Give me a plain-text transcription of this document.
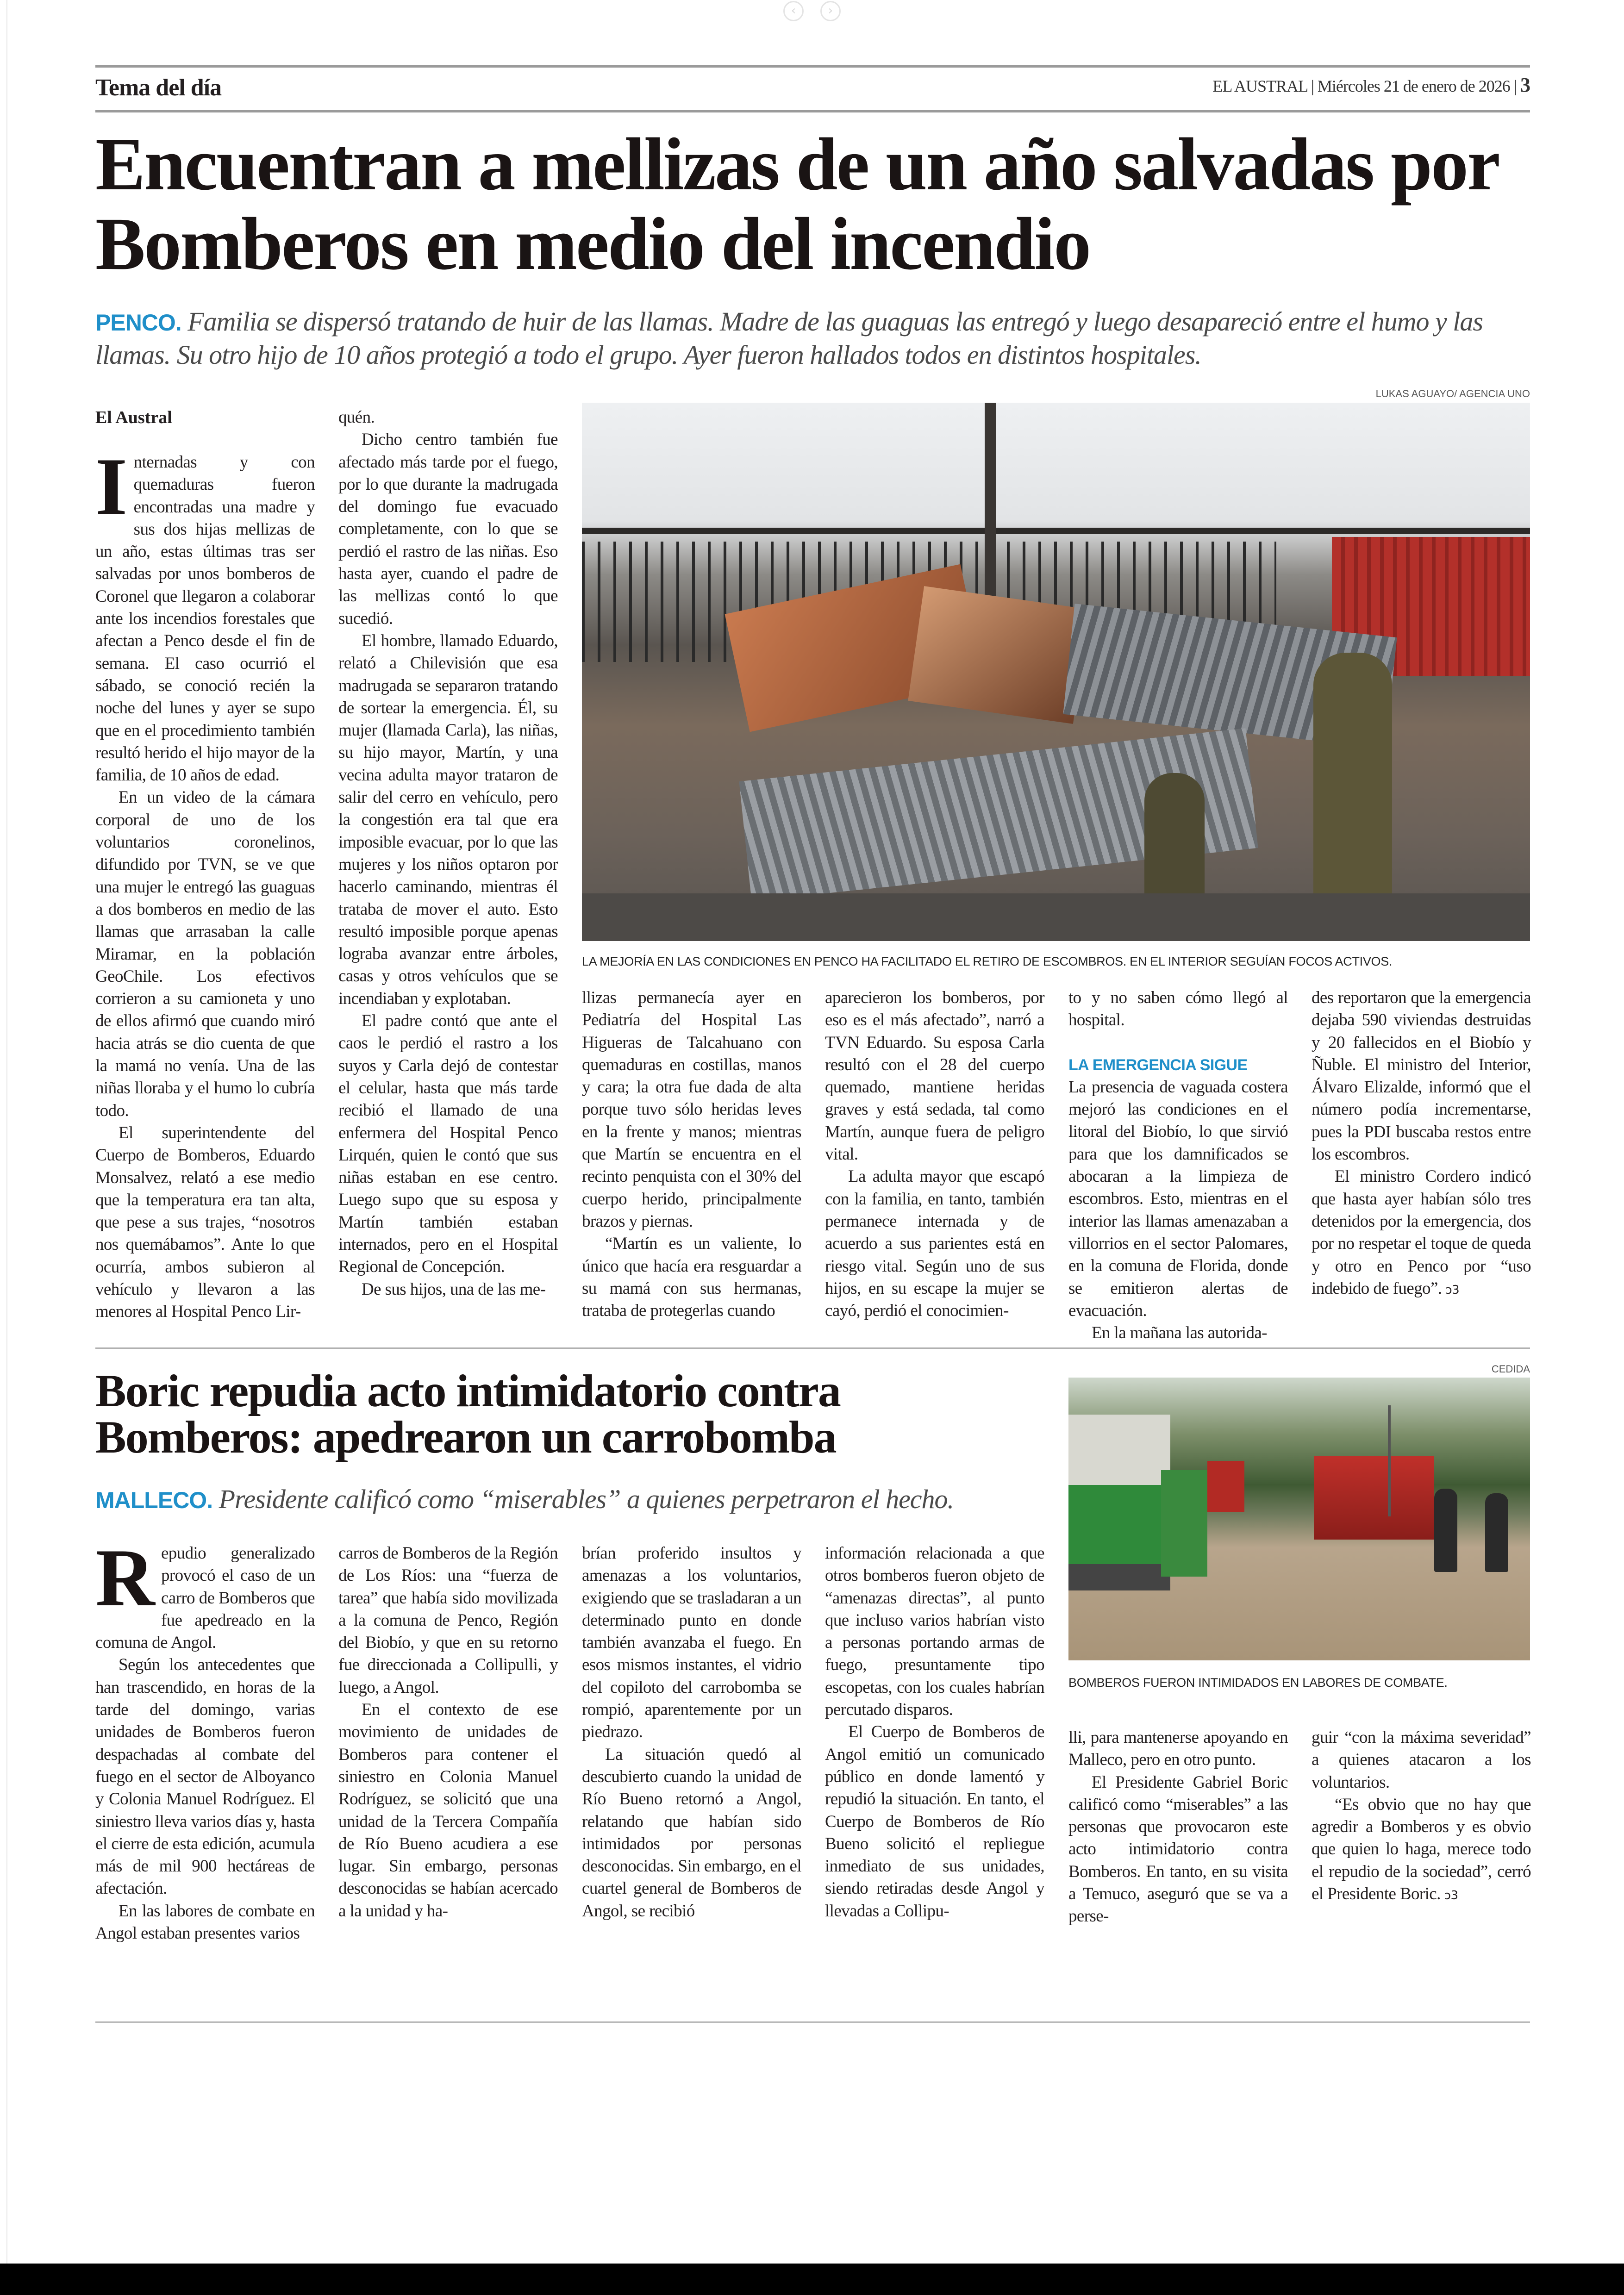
‹	›
Tema del día	EL AUSTRAL | Miércoles 21 de enero de 2026 | 3
Encuentran a mellizas de un año salvadas por Bomberos en medio del incendio
PENCO. Familia se dispersó tratando de huir de las llamas. Madre de las guaguas las entregó y luego desapareció entre el humo y las llamas. Su otro hijo de 10 años protegió a todo el grupo. Ayer fueron hallados todos en distintos hospitales.
LUKAS AGUAYO/ AGENCIA UNO
El Austral
LA MEJORÍA EN LAS CONDICIONES EN PENCO HA FACILITADO EL RETIRO DE ESCOMBROS. EN EL INTERIOR SEGUÍAN FOCOS ACTIVOS.

Internadas y con quemaduras fueron encontradas una madre y sus dos hijas mellizas de un año, estas últimas tras ser salvadas por unos bomberos de Coronel que llegaron a colaborar ante los incendios forestales que afectan a Penco desde el fin de semana. El caso ocurrió el sábado, se conoció recién la noche del lunes y ayer se supo que en el procedimiento también resultó herido el hijo mayor de la familia, de 10 años de edad.

En un video de la cámara corporal de uno de los voluntarios coronelinos, difundido por TVN, se ve que una mujer le entregó las guaguas a dos bomberos en medio de las llamas que arrasaban la calle Miramar, en la población GeoChile. Los efectivos corrieron a su camioneta y uno de ellos afirmó que cuando miró hacia atrás se dio cuenta de que la mamá no venía. Una de las niñas lloraba y el humo lo cubría todo.

El superintendente del Cuerpo de Bomberos, Eduardo Monsalvez, relató a ese medio que la temperatura era tan alta, que pese a sus trajes, “nosotros nos quemábamos”. Ante lo que ocurría, ambos subieron al vehículo y llevaron a las menores al Hospital Penco Lir-

quén.

Dicho centro también fue afectado más tarde por el fuego, por lo que durante la madrugada del domingo fue evacuado completamente, con lo que se perdió el rastro de las niñas. Eso hasta ayer, cuando el padre de las mellizas contó lo que sucedió.

El hombre, llamado Eduardo, relató a Chilevisión que esa madrugada se separaron tratando de sortear la emergencia. Él, su mujer (llamada Carla), las niñas, su hijo mayor, Martín, y una vecina adulta mayor trataron de salir del cerro en vehículo, pero la congestión era tal que era imposible evacuar, por lo que las mujeres y los niños optaron por hacerlo caminando, mientras él trataba de mover el auto. Esto resultó imposible porque apenas lograba avanzar entre árboles, casas y otros vehículos que se incendiaban y explotaban.

El padre contó que ante el caos le perdió el rastro a los suyos y Carla dejó de contestar el celular, hasta que más tarde recibió el llamado de una enfermera del Hospital Penco Lirquén, quien le contó que sus niñas estaban en ese centro. Luego supo que su esposa y Martín también estaban internados, pero en el Hospital Regional de Concepción.

De sus hijos, una de las me-

llizas permanecía ayer en Pediatría del Hospital Las Higueras de Talcahuano con quemaduras en costillas, manos y cara; la otra fue dada de alta porque tuvo sólo heridas leves en la frente y manos; mientras que Martín se encuentra en el recinto penquista con el 30% del cuerpo herido, principalmente brazos y piernas.

“Martín es un valiente, lo único que hacía era resguardar a su mamá con sus hermanas, trataba de protegerlas cuando

aparecieron los bomberos, por eso es el más afectado”, narró a TVN Eduardo. Su esposa Carla resultó con el 28 del cuerpo quemado, mantiene heridas graves y está sedada, tal como Martín, aunque fuera de peligro vital.

La adulta mayor que escapó con la familia, en tanto, también permanece internada y de acuerdo a sus parientes está en riesgo vital. Según uno de sus hijos, en su escape la mujer se cayó, perdió el conocimien-

to y no saben cómo llegó al hospital.

LA EMERGENCIA SIGUE

La presencia de vaguada costera mejoró las condiciones en el litoral del Biobío, lo que sirvió para que los damnificados se abocaran a la limpieza de escombros. Esto, mientras en el interior las llamas amenazaban a villorrios en el sector Palomares, en la comuna de Florida, donde se emitieron alertas de evacuación.

En la mañana las autorida-

des reportaron que la emergencia dejaba 590 viviendas destruidas y 20 fallecidos en el Biobío y Ñuble. El ministro del Interior, Álvaro Elizalde, informó que el número podía incrementarse, pues la PDI buscaba restos entre los escombros.

El ministro Cordero indicó que hasta ayer habían sólo tres detenidos por la emergencia, dos por no respetar el toque de queda y otro en Penco por “uso indebido de fuego”. ↄ3

Boric repudia acto intimidatorio contra Bomberos: apedrearon un carrobomba
MALLECO. Presidente calificó como “miserables” a quienes perpetraron el hecho.
CEDIDA
BOMBEROS FUERON INTIMIDADOS EN LABORES DE COMBATE.

Repudio generalizado provocó el caso de un carro de Bomberos que fue apedreado en la comuna de Angol.

Según los antecedentes que han trascendido, en horas de la tarde del domingo, varias unidades de Bomberos fueron despachadas al combate del fuego en el sector de Alboyanco y Colonia Manuel Rodríguez. El siniestro lleva varios días y, hasta el cierre de esta edición, acumula más de mil 900 hectáreas de afectación.

En las labores de combate en Angol estaban presentes varios

carros de Bomberos de la Región de Los Ríos: una “fuerza de tarea” que había sido movilizada a la comuna de Penco, Región del Biobío, y que en su retorno fue direccionada a Collipulli, y luego, a Angol.

En el contexto de ese movimiento de unidades de Bomberos para contener el siniestro en Colonia Manuel Rodríguez, se solicitó que una unidad de la Tercera Compañía de Río Bueno acudiera a ese lugar. Sin embargo, personas desconocidas se habían acercado a la unidad y ha-

brían proferido insultos y amenazas a los voluntarios, exigiendo que se trasladaran a un determinado punto en donde también avanzaba el fuego. En esos mismos instantes, el vidrio del copiloto del carrobomba se rompió, aparentemente por un piedrazo.

La situación quedó al descubierto cuando la unidad de Río Bueno retornó a Angol, relatando que habían sido intimidados por personas desconocidas. Sin embargo, en el cuartel general de Bomberos de Angol, se recibió

información relacionada a que otros bomberos fueron objeto de “amenazas directas”, al punto que incluso varios habrían visto a personas portando armas de fuego, presuntamente tipo escopetas, con los cuales habrían percutado disparos.

El Cuerpo de Bomberos de Angol emitió un comunicado público en donde lamentó y repudió la situación. En tanto, el Cuerpo de Bomberos de Río Bueno solicitó el repliegue inmediato de sus unidades, siendo retiradas desde Angol y llevadas a Collipu-

lli, para mantenerse apoyando en Malleco, pero en otro punto.

El Presidente Gabriel Boric calificó como “miserables” a las personas que provocaron este acto intimidatorio contra Bomberos. En tanto, en su visita a Temuco, aseguró que se va a perse-

guir “con la máxima severidad” a quienes atacaron a los voluntarios.

“Es obvio que no hay que agredir a Bomberos y es obvio que quien lo haga, merece todo el repudio de la sociedad”, cerró el Presidente Boric. ↄ3
